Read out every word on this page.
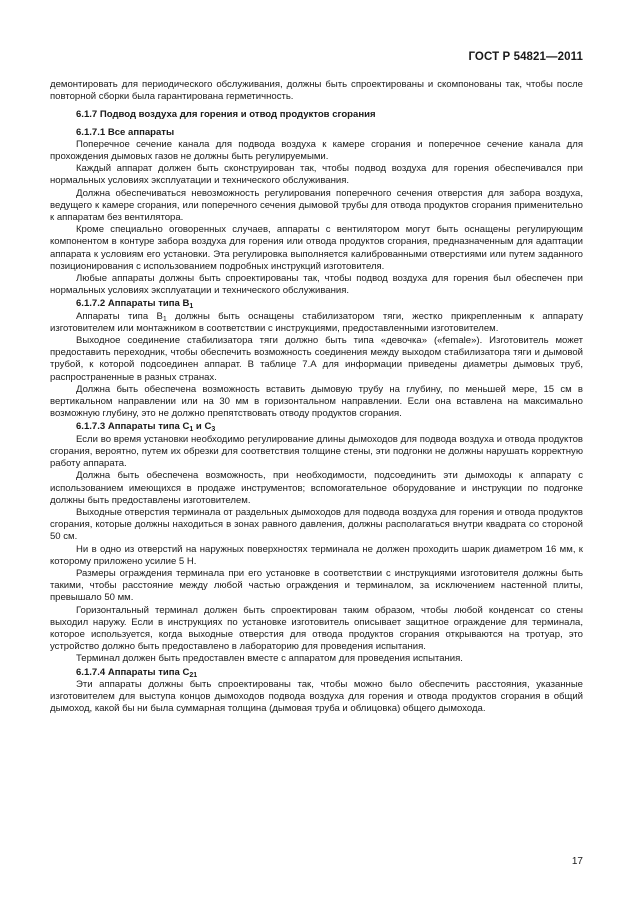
ГОСТ Р 54821—2011

демонтировать для периодического обслуживания, должны быть спроектированы и скомпонованы так, чтобы после повторной сборки была гарантирована герметичность.

6.1.7 Подвод воздуха для горения и отвод продуктов сгорания
6.1.7.1 Все аппараты

Поперечное сечение канала для подвода воздуха к камере сгорания и поперечное сечение канала для прохождения дымовых газов не должны быть регулируемыми.

Каждый аппарат должен быть сконструирован так, чтобы подвод воздуха для горения обеспечивался при нормальных условиях эксплуатации и технического обслуживания.

Должна обеспечиваться невозможность регулирования поперечного сечения отверстия для забора воздуха, ведущего к камере сгорания, или поперечного сечения дымовой трубы для отвода продуктов сгорания применительно к аппаратам без вентилятора.

Кроме специально оговоренных случаев, аппараты с вентилятором могут быть оснащены регулирующим компонентом в контуре забора воздуха для горения или отвода продуктов сгорания, предназначенным для адаптации аппарата к условиям его установки. Эта регулировка выполняется калиброванными отверстиями или путем заданного позиционирования с использованием подробных инструкций изготовителя.

Любые аппараты должны быть спроектированы так, чтобы подвод воздуха для горения был обеспечен при нормальных условиях эксплуатации и технического обслуживания.

6.1.7.2 Аппараты типа $В_1$

Аппараты типа $В_1$ должны быть оснащены стабилизатором тяги, жестко прикрепленным к аппарату изготовителем или монтажником в соответствии с инструкциями, предоставленными изготовителем.

Выходное соединение стабилизатора тяги должно быть типа «девочка» («female»). Изготовитель может предоставить переходник, чтобы обеспечить возможность соединения между выходом стабилизатора тяги и дымовой трубой, к которой подсоединен аппарат. В таблице 7.А для информации приведены диаметры дымовых труб, распространенные в разных странах.

Должна быть обеспечена возможность вставить дымовую трубу на глубину, по меньшей мере, 15 см в вертикальном направлении или на 30 мм в горизонтальном направлении. Если она вставлена на максимально возможную глубину, это не должно препятствовать отводу продуктов сгорания.

6.1.7.3 Аппараты типа $С_1$ и $С_3$

Если во время установки необходимо регулирование длины дымоходов для подвода воздуха и отвода продуктов сгорания, вероятно, путем их обрезки для соответствия толщине стены, эти подгонки не должны нарушать корректную работу аппарата.

Должна быть обеспечена возможность, при необходимости, подсоединить эти дымоходы к аппарату с использованием имеющихся в продаже инструментов; вспомогательное оборудование и инструкции по подгонке должны быть предоставлены изготовителем.

Выходные отверстия терминала от раздельных дымоходов для подвода воздуха для горения и отвода продуктов сгорания, которые должны находиться в зонах равного давления, должны располагаться внутри квадрата со стороной 50 см.

Ни в одно из отверстий на наружных поверхностях терминала не должен проходить шарик диаметром 16 мм, к которому приложено усилие 5 Н.

Размеры ограждения терминала при его установке в соответствии с инструкциями изготовителя должны быть такими, чтобы расстояние между любой частью ограждения и терминалом, за исключением настенной плиты, превышало 50 мм.

Горизонтальный терминал должен быть спроектирован таким образом, чтобы любой конденсат со стены выходил наружу. Если в инструкциях по установке изготовитель описывает защитное ограждение для терминала, которое используется, когда выходные отверстия для отвода продуктов сгорания открываются на тротуар, это устройство должно быть предоставлено в лабораторию для проведения испытания.

Терминал должен быть предоставлен вместе с аппаратом для проведения испытания.

6.1.7.4 Аппараты типа $С_{21}$

Эти аппараты должны быть спроектированы так, чтобы можно было обеспечить расстояния, указанные изготовителем для выступа концов дымоходов подвода воздуха для горения и отвода продуктов сгорания в общий дымоход, какой бы ни была суммарная толщина (дымовая труба и облицовка) общего дымохода.

17
